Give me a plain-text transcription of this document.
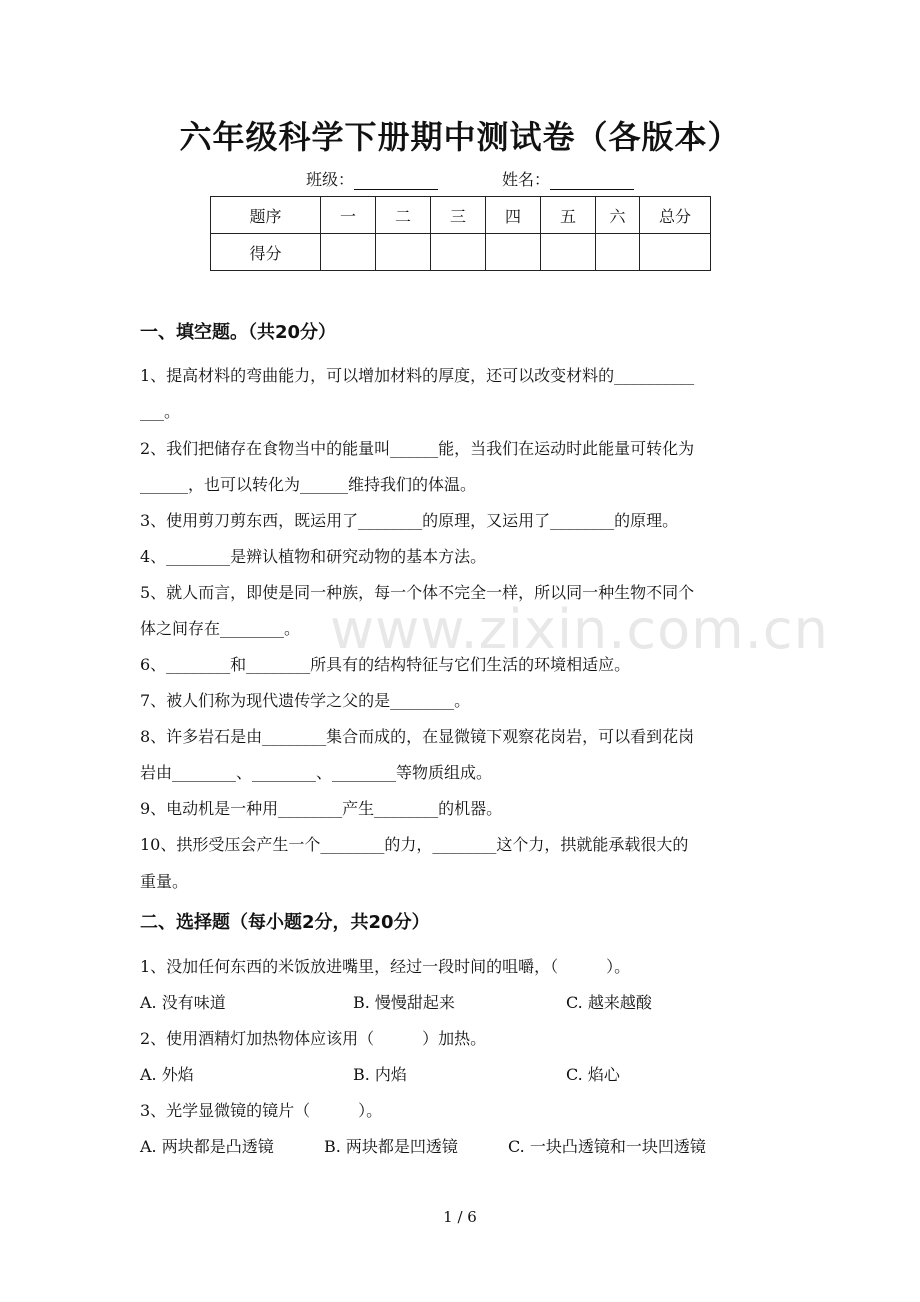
www.zixin.com.cn
六年级科学下册期中测试卷（各版本）
班级：	姓名：
题序	一	二	三	四	五	六	总分
得分							
一、填空题。（共20分）
1、提高材料的弯曲能力，可以增加材料的厚度，还可以改变材料的__________
___。
2、我们把储存在食物当中的能量叫______能，当我们在运动时此能量可转化为
______，也可以转化为______维持我们的体温。
3、使用剪刀剪东西，既运用了________的原理，又运用了________的原理。
4、________是辨认植物和研究动物的基本方法。
5、就人而言，即使是同一种族，每一个体不完全一样，所以同一种生物不同个
体之间存在________。
6、________和________所具有的结构特征与它们生活的环境相适应。
7、被人们称为现代遗传学之父的是________。
8、许多岩石是由________集合而成的，在显微镜下观察花岗岩，可以看到花岗
岩由________、________、________等物质组成。
9、电动机是一种用________产生________的机器。
10、拱形受压会产生一个________的力，________这个力，拱就能承载很大的
重量。
二、选择题（每小题2分，共20分）
1、没加任何东西的米饭放进嘴里，经过一段时间的咀嚼，（　　　）。
A. 没有味道	B. 慢慢甜起来	C. 越来越酸
2、使用酒精灯加热物体应该用（　　　）加热。
A. 外焰	B. 内焰	C. 焰心
3、光学显微镜的镜片（　　　）。
A. 两块都是凸透镜	B. 两块都是凹透镜	C. 一块凸透镜和一块凹透镜
1 / 6
